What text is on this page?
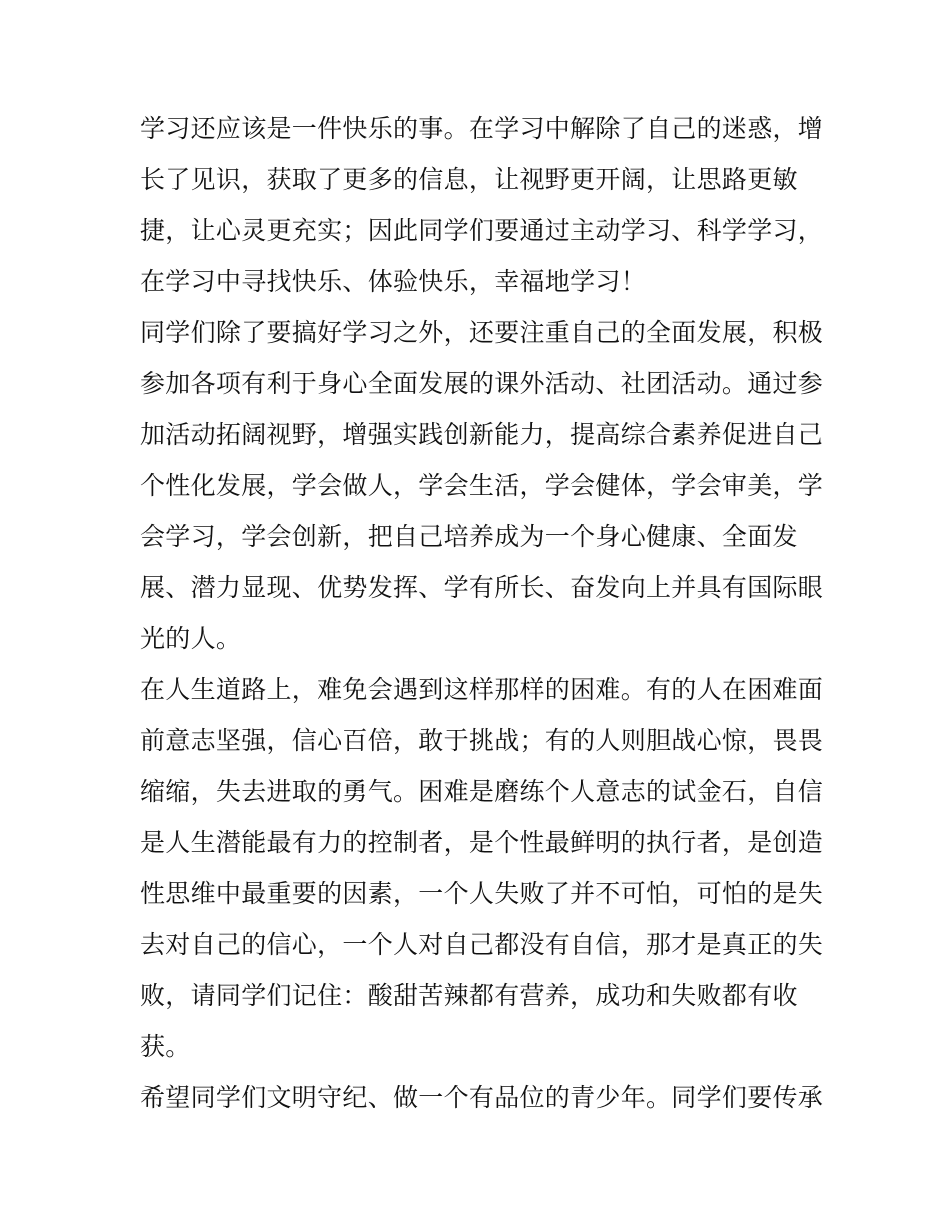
学习还应该是一件快乐的事。在学习中解除了自己的迷惑，增
长了见识，获取了更多的信息，让视野更开阔，让思路更敏
捷，让心灵更充实；因此同学们要通过主动学习、科学学习，
在学习中寻找快乐、体验快乐，幸福地学习！
同学们除了要搞好学习之外，还要注重自己的全面发展，积极
参加各项有利于身心全面发展的课外活动、社团活动。通过参
加活动拓阔视野，增强实践创新能力，提高综合素养促进自己
个性化发展，学会做人，学会生活，学会健体，学会审美，学
会学习，学会创新，把自己培养成为一个身心健康、全面发
展、潜力显现、优势发挥、学有所长、奋发向上并具有国际眼
光的人。
在人生道路上，难免会遇到这样那样的困难。有的人在困难面
前意志坚强，信心百倍，敢于挑战；有的人则胆战心惊，畏畏
缩缩，失去进取的勇气。困难是磨练个人意志的试金石，自信
是人生潜能最有力的控制者，是个性最鲜明的执行者，是创造
性思维中最重要的因素，一个人失败了并不可怕，可怕的是失
去对自己的信心，一个人对自己都没有自信，那才是真正的失
败，请同学们记住：酸甜苦辣都有营养，成功和失败都有收
获。
希望同学们文明守纪、做一个有品位的青少年。同学们要传承
